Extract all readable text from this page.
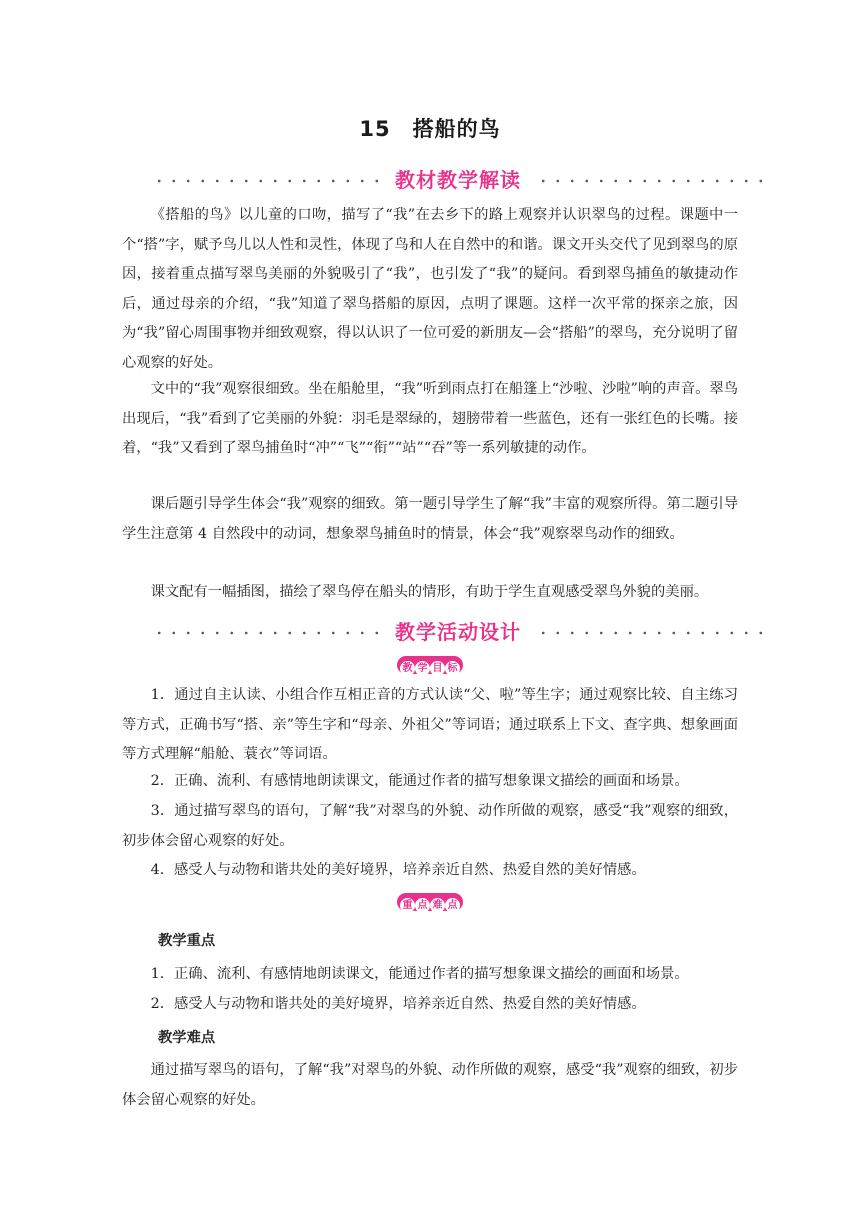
15 搭船的鸟
教材教学解读
《搭船的鸟》以儿童的口吻，描写了“我”在去乡下的路上观察并认识翠鸟的过程。课题中一个“搭”字，赋予鸟儿以人性和灵性，体现了鸟和人在自然中的和谐。课文开头交代了见到翠鸟的原因，接着重点描写翠鸟美丽的外貌吸引了“我”，也引发了“我”的疑问。看到翠鸟捕鱼的敏捷动作后，通过母亲的介绍，“我”知道了翠鸟搭船的原因，点明了课题。这样一次平常的探亲之旅，因为“我”留心周围事物并细致观察，得以认识了一位可爱的新朋友—会“搭船”的翠鸟，充分说明了留心观察的好处。
文中的“我”观察很细致。坐在船舱里，“我”听到雨点打在船篷上“沙啦、沙啦”响的声音。翠鸟出现后，“我”看到了它美丽的外貌：羽毛是翠绿的，翅膀带着一些蓝色，还有一张红色的长嘴。接着，“我”又看到了翠鸟捕鱼时“冲”“飞”“衔”“站”“吞”等一系列敏捷的动作。
课后题引导学生体会“我”观察的细致。第一题引导学生了解“我”丰富的观察所得。第二题引导学生注意第 4 自然段中的动词，想象翠鸟捕鱼时的情景，体会“我”观察翠鸟动作的细致。
课文配有一幅插图，描绘了翠鸟停在船头的情形，有助于学生直观感受翠鸟外貌的美丽。
教学活动设计
教 学 目 标
1．通过自主认读、小组合作互相正音的方式认读“父、啦”等生字；通过观察比较、自主练习等方式，正确书写“搭、亲”等生字和“母亲、外祖父”等词语；通过联系上下文、查字典、想象画面等方式理解“船舱、蓑衣”等词语。
2．正确、流利、有感情地朗读课文，能通过作者的描写想象课文描绘的画面和场景。
3．通过描写翠鸟的语句，了解“我”对翠鸟的外貌、动作所做的观察，感受“我”观察的细致，初步体会留心观察的好处。
4．感受人与动物和谐共处的美好境界，培养亲近自然、热爱自然的美好情感。
重 点 难 点
教学重点
1．正确、流利、有感情地朗读课文，能通过作者的描写想象课文描绘的画面和场景。
2．感受人与动物和谐共处的美好境界，培养亲近自然、热爱自然的美好情感。
教学难点
通过描写翠鸟的语句，了解“我”对翠鸟的外貌、动作所做的观察，感受“我”观察的细致，初步体会留心观察的好处。
